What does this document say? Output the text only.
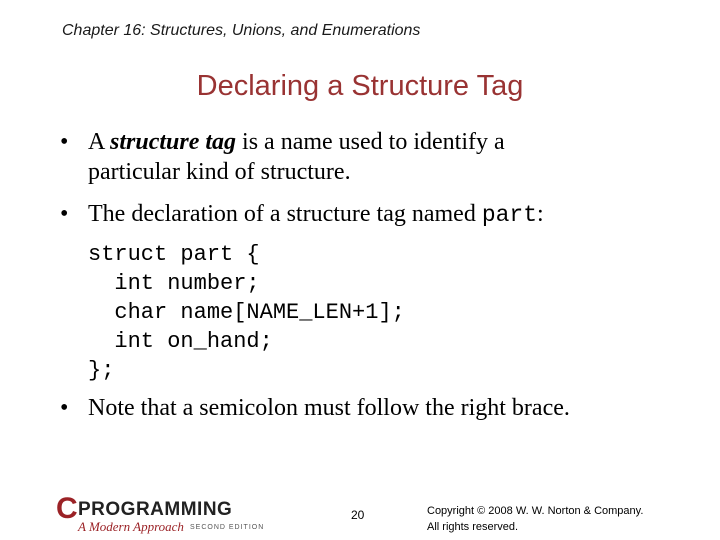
Chapter 16: Structures, Unions, and Enumerations
Declaring a Structure Tag
• A structure tag is a name used to identify a
particular kind of structure.
• The declaration of a structure tag named part:
struct part {
int number;
char name[NAME_LEN+1];
int on_hand;
};
• Note that a semicolon must follow the right brace.
C PROGRAMMING
A Modern Approach SECOND EDITION
20	Copyright © 2008 W. W. Norton & Company.
All rights reserved.
